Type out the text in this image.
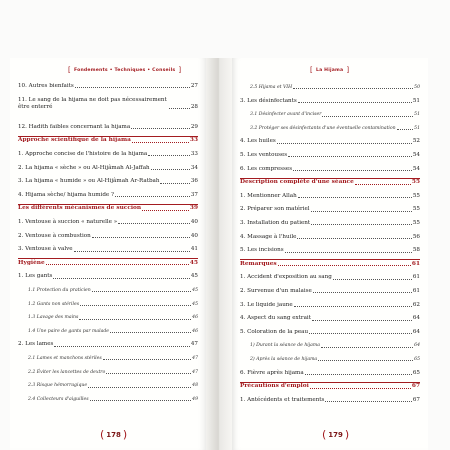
[ Fondements • Techniques • Conseils ]
10. Autres bienfaits	27
11. Le sang de la hijama ne doit pas nécessairement être enterré	28
12. Hadith faibles concernant la hijama	29
Approche scientifique de la hijama	33
1. Approche concise de l'histoire de la hijama	33
2. La hijama « sèche » ou Al-Hijâmah Al-Jaffah	34
3. La hijama « humide » ou Al-Hijâmah Ar-Ratbah	36
4. Hijama sèche/ hijama humide ?	37
Les différents mécanismes de succion	39
1. Ventouse à succion « naturelle »	40
2. Ventouse à combustion	40
3. Ventouse à valve	41
Hygiène	45
1. Les gants	45
1.1 Protection du praticien	45
1.2 Gants non stériles	45
1.3 Lavage des mains	46
1.4 Une paire de gants par malade	46
2. Les lames	47
2.1 Lames et manchons stériles	47
2.2 Éviter les lancettes de dextro	47
2.3 Risque hémorragique	48
2.4 Collecteurs d'aiguilles	49
( 178 )
[ La Hijama ]
2.5 Hijama et VIH	50
3. Les désinfectants	51
3.1 Désinfecter avant d'inciser	51
3.2 Protéger ses désinfectants d'une éventuelle contamination	51
4. Les huiles	52
5. Les ventouses	54
6. Les compresses	54
Description complète d'une séance	55
1. Mentionner Allah	55
2. Préparer son matériel	55
3. Installation du patient	55
4. Massage à l'huile	56
5. Les incisions	58
Remarques	61
1. Accident d'exposition au sang	61
2. Survenue d'un malaise	61
3. Le liquide jaune	62
4. Aspect du sang extrait	64
5. Coloration de la peau	64
1) Durant la séance de hijama	64
2) Après la séance de hijama	65
6. Fièvre après hijama	65
Précautions d'emploi	67
1. Antécédents et traitements	67
( 179 )
